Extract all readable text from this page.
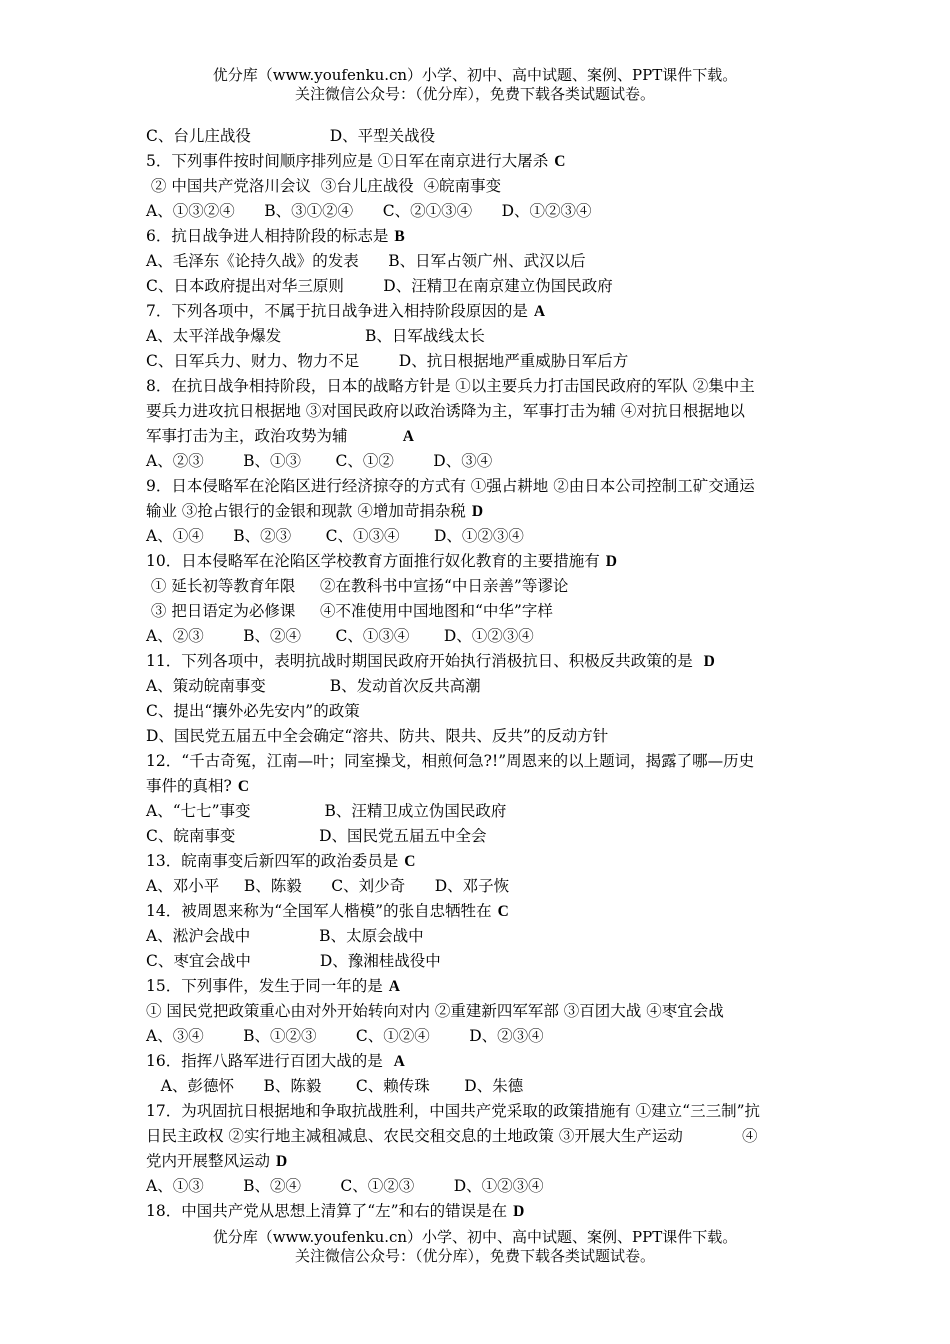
优分库（www.youfenku.cn）小学、初中、高中试题、案例、PPT课件下载。
关注微信公众号：（优分库），免费下载各类试题试卷。
C、台儿庄战役                D、平型关战役
5．下列事件按时间顺序排列应是 ①日军在南京进行大屠杀 C
② 中国共产党洛川会议  ③台儿庄战役  ④皖南事变
A、①③②④      B、③①②④      C、②①③④      D、①②③④
6．抗日战争进人相持阶段的标志是 B
A、毛泽东《论持久战》的发表      B、日军占领广州、武汉以后
C、日本政府提出对华三原则        D、汪精卫在南京建立伪国民政府
7．下列各项中，不属于抗日战争进入相持阶段原因的是 A
A、太平洋战争爆发                 B、日军战线太长
C、日军兵力、财力、物力不足        D、抗日根据地严重威胁日军后方
8．在抗日战争相持阶段，日本的战略方针是 ①以主要兵力打击国民政府的军队 ②集中主
要兵力进攻抗日根据地 ③对国民政府以政治诱降为主，军事打击为辅 ④对抗日根据地以
军事打击为主，政治攻势为辅          A
A、②③        B、①③       C、①②        D、③④
9．日本侵略军在沦陷区进行经济掠夺的方式有 ①强占耕地 ②由日本公司控制工矿交通运
输业 ③抢占银行的金银和现款 ④增加苛捐杂税 D
A、①④      B、②③       C、①③④       D、①②③④
10．日本侵略军在沦陷区学校教育方面推行奴化教育的主要措施有 D
① 延长初等教育年限     ②在教科书中宣扬“中日亲善”等谬论
③ 把日语定为必修课     ④不准使用中国地图和“中华”字样
A、②③        B、②④       C、①③④       D、①②③④
11．下列各项中，表明抗战时期国民政府开始执行消极抗日、积极反共政策的是 D
A、策动皖南事变             B、发动首次反共高潮
C、提出“攘外必先安内”的政策
D、国民党五届五中全会确定“溶共、防共、限共、反共”的反动方针
12．“千古奇冤，江南—叶；同室操戈，相煎何急?!”周恩来的以上题词，揭露了哪—历史
事件的真相? C
A、“七七”事变               B、汪精卫成立伪国民政府
C、皖南事变                 D、国民党五届五中全会
13．皖南事变后新四军的政治委员是 C
A、邓小平     B、陈毅      C、刘少奇      D、邓子恢
14．被周恩来称为“全国军人楷模”的张自忠牺牲在 C
A、淞沪会战中              B、太原会战中
C、枣宜会战中              D、豫湘桂战役中
15．下列事件，发生于同一年的是 A
① 国民党把政策重心由对外开始转向对内 ②重建新四军军部 ③百团大战 ④枣宜会战
A、③④        B、①②③        C、①②④        D、②③④
16．指挥八路军进行百团大战的是 A
A、彭德怀      B、陈毅       C、赖传珠       D、朱德
17．为巩固抗日根据地和争取抗战胜利，中国共产党采取的政策措施有 ①建立“三三制”抗
日民主政权 ②实行地主减租减息、农民交租交息的土地政策 ③开展大生产运动            ④
党内开展整风运动 D
A、①③        B、②④        C、①②③        D、①②③④
18．中国共产党从思想上清算了“左”和右的错误是在 D
优分库（www.youfenku.cn）小学、初中、高中试题、案例、PPT课件下载。
关注微信公众号：（优分库），免费下载各类试题试卷。
